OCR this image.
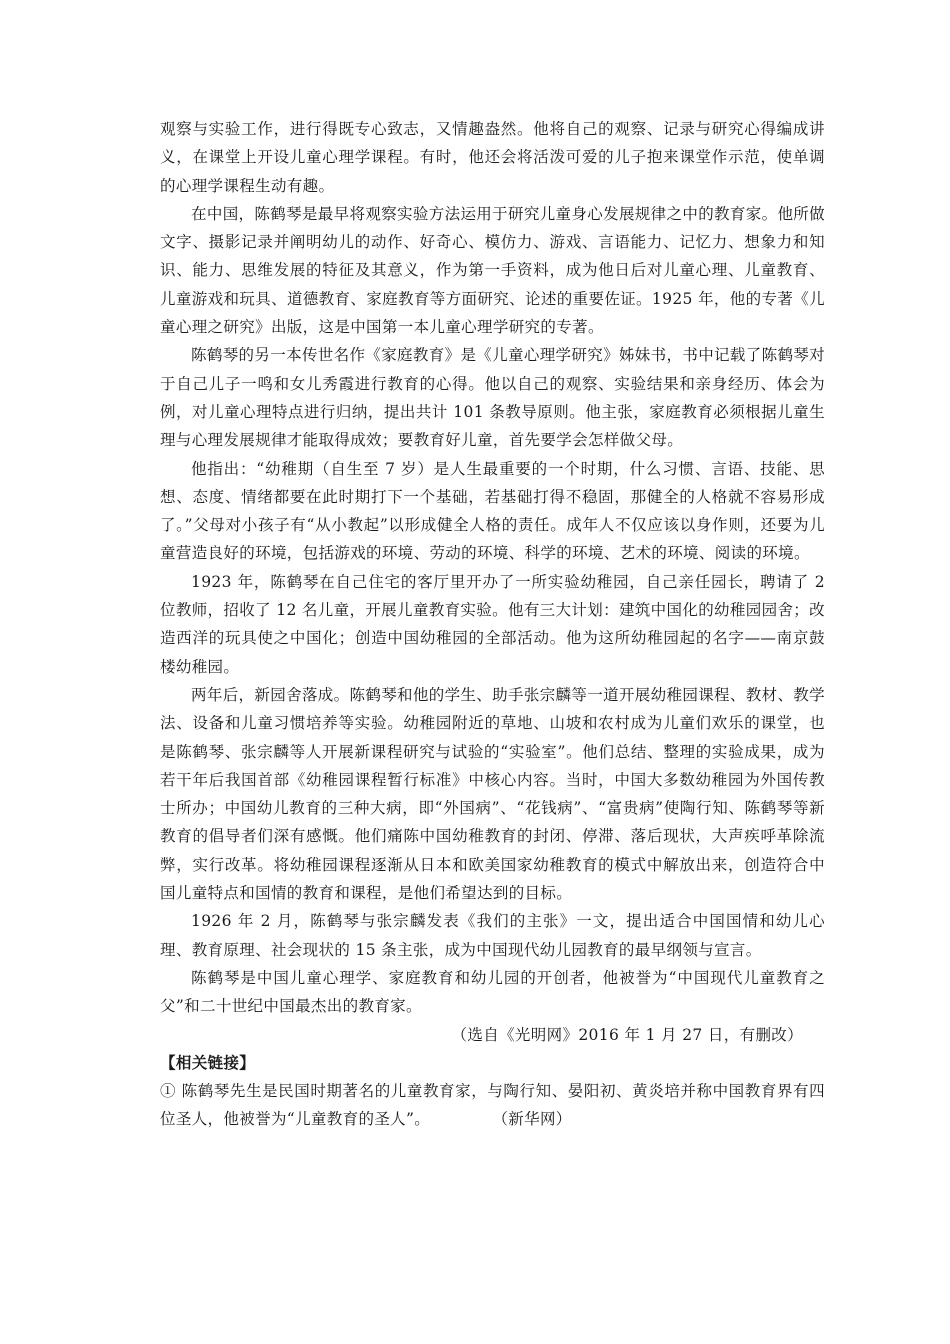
观察与实验工作，进行得既专心致志，又情趣盎然。他将自己的观察、记录与研究心得编成讲义，在课堂上开设儿童心理学课程。有时，他还会将活泼可爱的儿子抱来课堂作示范，使单调的心理学课程生动有趣。

在中国，陈鹤琴是最早将观察实验方法运用于研究儿童身心发展规律之中的教育家。他所做文字、摄影记录并阐明幼儿的动作、好奇心、模仿力、游戏、言语能力、记忆力、想象力和知识、能力、思维发展的特征及其意义，作为第一手资料，成为他日后对儿童心理、儿童教育、儿童游戏和玩具、道德教育、家庭教育等方面研究、论述的重要佐证。1925 年，他的专著《儿童心理之研究》出版，这是中国第一本儿童心理学研究的专著。

陈鹤琴的另一本传世名作《家庭教育》是《儿童心理学研究》姊妹书，书中记载了陈鹤琴对于自己儿子一鸣和女儿秀霞进行教育的心得。他以自己的观察、实验结果和亲身经历、体会为例，对儿童心理特点进行归纳，提出共计 101 条教导原则。他主张，家庭教育必须根据儿童生理与心理发展规律才能取得成效；要教育好儿童，首先要学会怎样做父母。

他指出：“幼稚期（自生至 7 岁）是人生最重要的一个时期，什么习惯、言语、技能、思想、态度、情绪都要在此时期打下一个基础，若基础打得不稳固，那健全的人格就不容易形成了。”父母对小孩子有“从小教起”以形成健全人格的责任。成年人不仅应该以身作则，还要为儿童营造良好的环境，包括游戏的环境、劳动的环境、科学的环境、艺术的环境、阅读的环境。

1923 年，陈鹤琴在自己住宅的客厅里开办了一所实验幼稚园，自己亲任园长，聘请了 2 位教师，招收了 12 名儿童，开展儿童教育实验。他有三大计划：建筑中国化的幼稚园园舍；改造西洋的玩具使之中国化；创造中国幼稚园的全部活动。他为这所幼稚园起的名字——南京鼓楼幼稚园。

两年后，新园舍落成。陈鹤琴和他的学生、助手张宗麟等一道开展幼稚园课程、教材、教学法、设备和儿童习惯培养等实验。幼稚园附近的草地、山坡和农村成为儿童们欢乐的课堂，也是陈鹤琴、张宗麟等人开展新课程研究与试验的“实验室”。他们总结、整理的实验成果，成为若干年后我国首部《幼稚园课程暂行标准》中核心内容。当时，中国大多数幼稚园为外国传教士所办；中国幼儿教育的三种大病，即“外国病”、“花钱病”、“富贵病”使陶行知、陈鹤琴等新教育的倡导者们深有感慨。他们痛陈中国幼稚教育的封闭、停滞、落后现状，大声疾呼革除流弊，实行改革。将幼稚园课程逐渐从日本和欧美国家幼稚教育的模式中解放出来，创造符合中国儿童特点和国情的教育和课程，是他们希望达到的目标。

1926 年 2 月，陈鹤琴与张宗麟发表《我们的主张》一文，提出适合中国国情和幼儿心理、教育原理、社会现状的 15 条主张，成为中国现代幼儿园教育的最早纲领与宣言。

陈鹤琴是中国儿童心理学、家庭教育和幼儿园的开创者，他被誉为“中国现代儿童教育之父”和二十世纪中国最杰出的教育家。

（选自《光明网》2016 年 1 月 27 日，有删改）

【相关链接】

① 陈鹤琴先生是民国时期著名的儿童教育家，与陶行知、晏阳初、黄炎培并称中国教育界有四位圣人，他被誉为“儿童教育的圣人”。	（新华网）
